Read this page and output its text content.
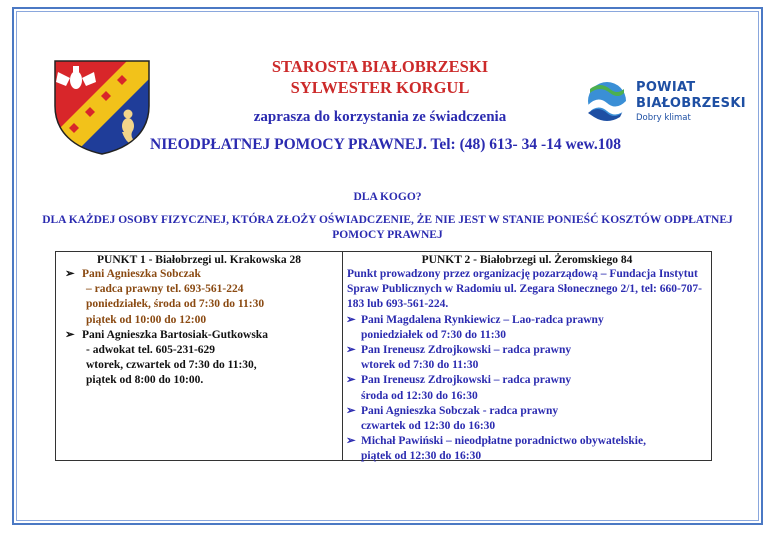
STAROSTA BIAŁOBRZESKI
SYLWESTER KORGUL
zaprasza do korzystania ze świadczenia
NIEODPŁATNEJ POMOCY PRAWNEJ. Tel: (48) 613- 34 -14 wew.108
POWIAT
BIAŁOBRZESKI
Dobry klimat
DLA KOGO?
DLA KAŻDEJ OSOBY FIZYCZNEJ, KTÓRA ZŁOŻY OŚWIADCZENIE, ŻE NIE JEST W STANIE PONIEŚĆ KOSZTÓW ODPŁATNEJ POMOCY PRAWNEJ
PUNKT 1 - Białobrzegi ul. Krakowska 28
➢ Pani Agnieszka Sobczak
– radca prawny tel. 693-561-224
poniedziałek, środa od 7:30 do 11:30
piątek od 10:00 do 12:00
➢ Pani Agnieszka Bartosiak-Gutkowska
- adwokat tel. 605-231-629
wtorek, czwartek od 7:30 do 11:30,
piątek od 8:00 do 10:00.
PUNKT 2 - Białobrzegi ul. Żeromskiego 84
Punkt prowadzony przez organizację pozarządową – Fundacja Instytut Spraw Publicznych w Radomiu ul. Zegara Słonecznego 2/1, tel: 660-707-183 lub 693-561-224.
➢ Pani Magdalena Rynkiewicz – Lao-radca prawny
poniedziałek od 7:30 do 11:30
➢ Pan Ireneusz Zdrojkowski – radca prawny
wtorek od 7:30 do 11:30
➢ Pan Ireneusz Zdrojkowski – radca prawny
środa od 12:30 do 16:30
➢ Pani Agnieszka Sobczak - radca prawny
czwartek od 12:30 do 16:30
➢ Michał Pawiński – nieodpłatne poradnictwo obywatelskie,
piątek od 12:30 do 16:30
